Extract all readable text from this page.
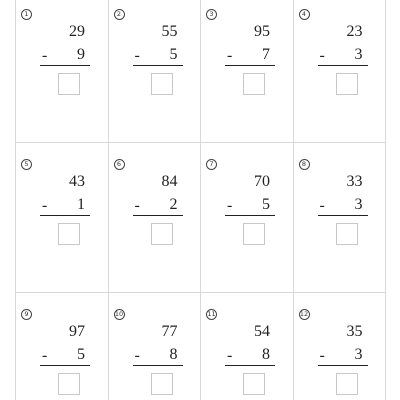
1
29
-	9
2
55
-	5
3
95
-	7
4
23
-	3
5
43
-	1
6
84
-	2
7
70
-	5
8
33
-	3
9
97
-	5
10
77
-	8
11
54
-	8
12
35
-	3
